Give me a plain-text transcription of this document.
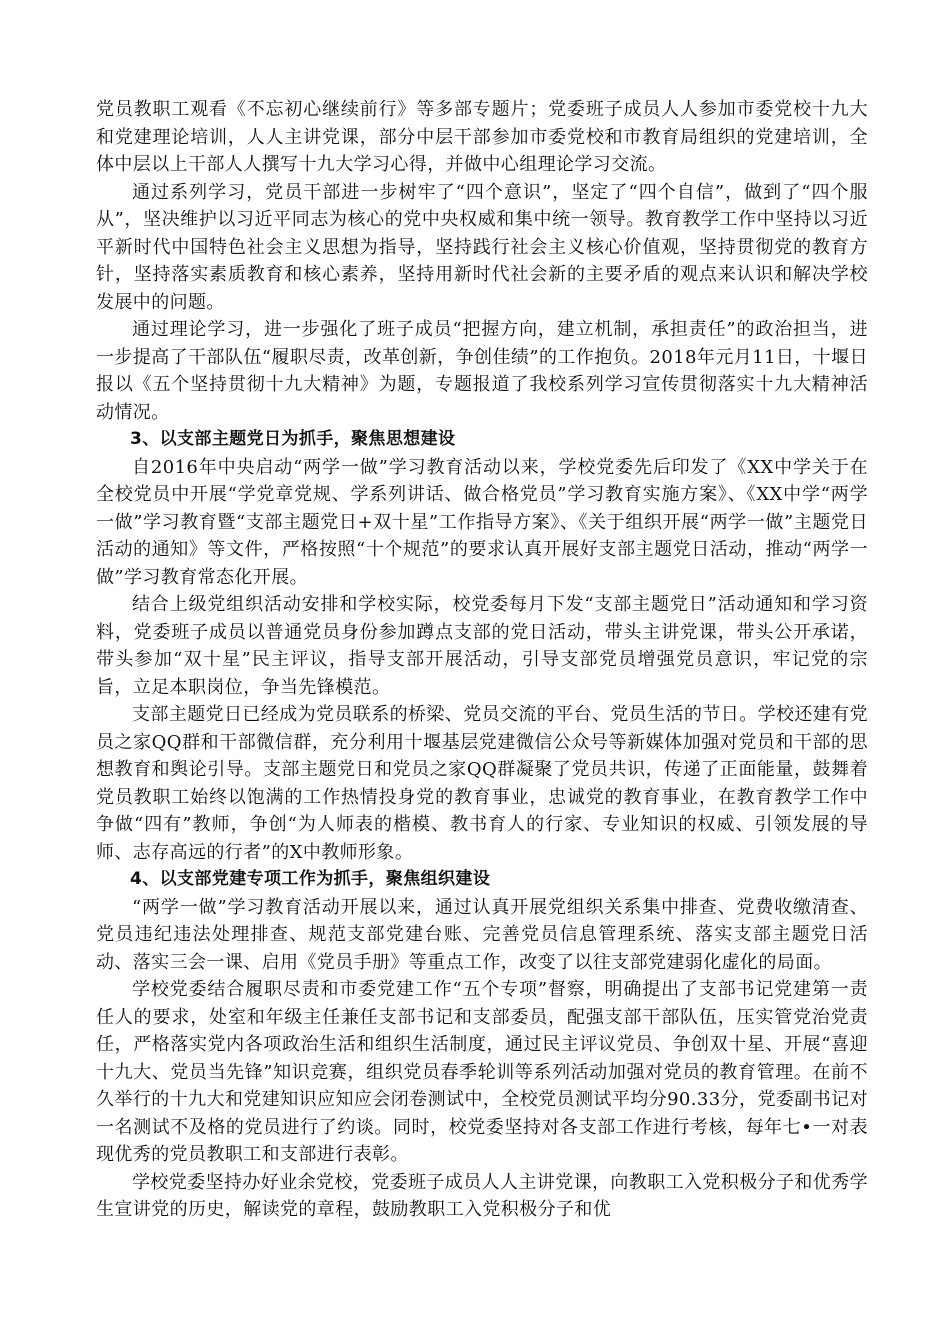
党员教职工观看《不忘初心继续前行》等多部专题片；党委班子成员人人参加市委党校十九大和党建理论培训，人人主讲党课，部分中层干部参加市委党校和市教育局组织的党建培训，全体中层以上干部人人撰写十九大学习心得，并做中心组理论学习交流。

通过系列学习，党员干部进一步树牢了“四个意识”，坚定了“四个自信”，做到了“四个服从”，坚决维护以习近平同志为核心的党中央权威和集中统一领导。教育教学工作中坚持以习近平新时代中国特色社会主义思想为指导，坚持践行社会主义核心价值观，坚持贯彻党的教育方针，坚持落实素质教育和核心素养，坚持用新时代社会新的主要矛盾的观点来认识和解决学校发展中的问题。

通过理论学习，进一步强化了班子成员“把握方向，建立机制，承担责任”的政治担当，进一步提高了干部队伍“履职尽责，改革创新，争创佳绩”的工作抱负。2018年元月11日，十堰日报以《五个坚持贯彻十九大精神》为题，专题报道了我校系列学习宣传贯彻落实十九大精神活动情况。

3、以支部主题党日为抓手，聚焦思想建设

自2016年中央启动“两学一做”学习教育活动以来，学校党委先后印发了《XX中学关于在全校党员中开展“学党章党规、学系列讲话、做合格党员”学习教育实施方案》、《XX中学“两学一做”学习教育暨“支部主题党日+双十星”工作指导方案》、《关于组织开展“两学一做”主题党日活动的通知》等文件，严格按照“十个规范”的要求认真开展好支部主题党日活动，推动“两学一做”学习教育常态化开展。

结合上级党组织活动安排和学校实际，校党委每月下发“支部主题党日”活动通知和学习资料，党委班子成员以普通党员身份参加蹲点支部的党日活动，带头主讲党课，带头公开承诺，带头参加“双十星”民主评议，指导支部开展活动，引导支部党员增强党员意识，牢记党的宗旨，立足本职岗位，争当先锋模范。

支部主题党日已经成为党员联系的桥梁、党员交流的平台、党员生活的节日。学校还建有党员之家QQ群和干部微信群，充分利用十堰基层党建微信公众号等新媒体加强对党员和干部的思想教育和舆论引导。支部主题党日和党员之家QQ群凝聚了党员共识，传递了正面能量，鼓舞着党员教职工始终以饱满的工作热情投身党的教育事业，忠诚党的教育事业，在教育教学工作中争做“四有”教师，争创“为人师表的楷模、教书育人的行家、专业知识的权威、引领发展的导师、志存高远的行者”的X中教师形象。

4、以支部党建专项工作为抓手，聚焦组织建设

“两学一做”学习教育活动开展以来，通过认真开展党组织关系集中排查、党费收缴清查、党员违纪违法处理排查、规范支部党建台账、完善党员信息管理系统、落实支部主题党日活动、落实三会一课、启用《党员手册》等重点工作，改变了以往支部党建弱化虚化的局面。

学校党委结合履职尽责和市委党建工作“五个专项”督察，明确提出了支部书记党建第一责任人的要求，处室和年级主任兼任支部书记和支部委员，配强支部干部队伍，压实管党治党责任，严格落实党内各项政治生活和组织生活制度，通过民主评议党员、争创双十星、开展“喜迎十九大、党员当先锋”知识竞赛，组织党员春季轮训等系列活动加强对党员的教育管理。在前不久举行的十九大和党建知识应知应会闭卷测试中，全校党员测试平均分90.33分，党委副书记对一名测试不及格的党员进行了约谈。同时，校党委坚持对各支部工作进行考核，每年七•一对表现优秀的党员教职工和支部进行表彰。

学校党委坚持办好业余党校，党委班子成员人人主讲党课，向教职工入党积极分子和优秀学生宣讲党的历史，解读党的章程，鼓励教职工入党积极分子和优
